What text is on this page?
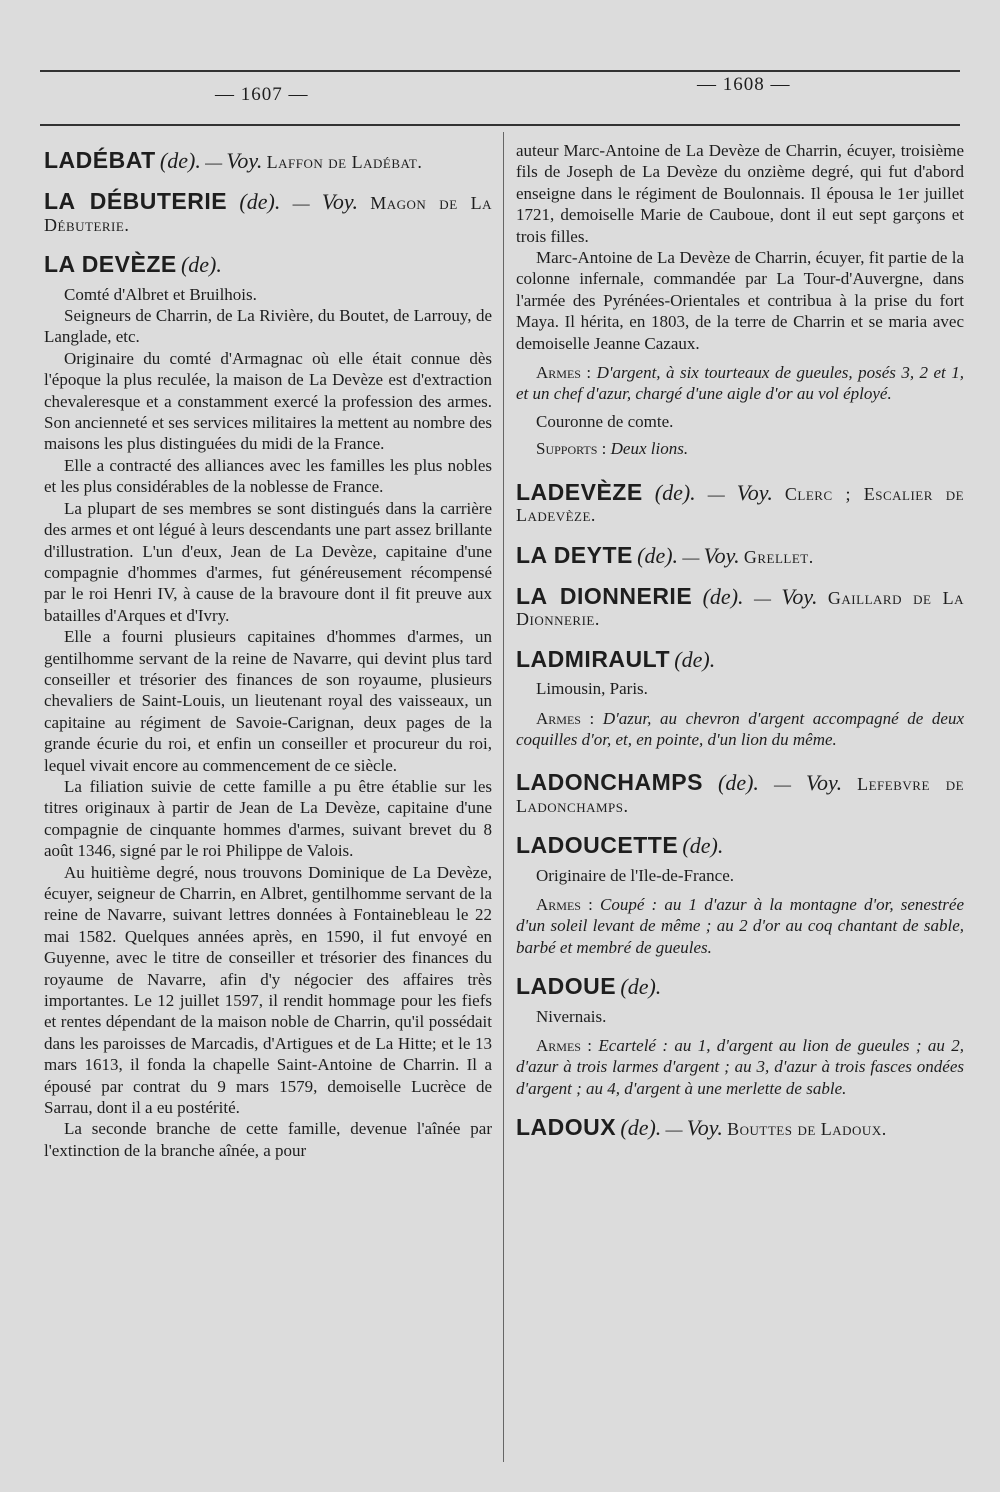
— 1607 —	— 1608 —
LADÉBAT (de). — Voy. Laffon de Ladébat.
LA DÉBUTERIE (de). — Voy. Magon de La Débuterie.
LA DEVÈZE (de).

Comté d'Albret et Bruilhois.

Seigneurs de Charrin, de La Rivière, du Boutet, de Larrouy, de Langlade, etc.

Originaire du comté d'Armagnac où elle était connue dès l'époque la plus reculée, la maison de La Devèze est d'extraction chevaleresque et a constamment exercé la profession des armes. Son ancienneté et ses services militaires la mettent au nombre des maisons les plus distinguées du midi de la France.

Elle a contracté des alliances avec les familles les plus nobles et les plus considérables de la noblesse de France.

La plupart de ses membres se sont distingués dans la carrière des armes et ont légué à leurs descendants une part assez brillante d'illustration. L'un d'eux, Jean de La Devèze, capitaine d'une compagnie d'hommes d'armes, fut généreusement récompensé par le roi Henri IV, à cause de la bravoure dont il fit preuve aux batailles d'Arques et d'Ivry.

Elle a fourni plusieurs capitaines d'hommes d'armes, un gentilhomme servant de la reine de Navarre, qui devint plus tard conseiller et trésorier des finances de son royaume, plusieurs chevaliers de Saint-Louis, un lieutenant royal des vaisseaux, un capitaine au régiment de Savoie-Carignan, deux pages de la grande écurie du roi, et enfin un conseiller et procureur du roi, lequel vivait encore au commencement de ce siècle.

La filiation suivie de cette famille a pu être établie sur les titres originaux à partir de Jean de La Devèze, capitaine d'une compagnie de cinquante hommes d'armes, suivant brevet du 8 août 1346, signé par le roi Philippe de Valois.

Au huitième degré, nous trouvons Dominique de La Devèze, écuyer, seigneur de Charrin, en Albret, gentilhomme servant de la reine de Navarre, suivant lettres données à Fontainebleau le 22 mai 1582. Quelques années après, en 1590, il fut envoyé en Guyenne, avec le titre de conseiller et trésorier des finances du royaume de Navarre, afin d'y négocier des affaires très importantes. Le 12 juillet 1597, il rendit hommage pour les fiefs et rentes dépendant de la maison noble de Charrin, qu'il possédait dans les paroisses de Marcadis, d'Artigues et de La Hitte; et le 13 mars 1613, il fonda la chapelle Saint-Antoine de Charrin. Il a épousé par contrat du 9 mars 1579, demoiselle Lucrèce de Sarrau, dont il a eu postérité.

La seconde branche de cette famille, devenue l'aînée par l'extinction de la branche aînée, a pour

auteur Marc-Antoine de La Devèze de Charrin, écuyer, troisième fils de Joseph de La Devèze du onzième degré, qui fut d'abord enseigne dans le régiment de Boulonnais. Il épousa le 1er juillet 1721, demoiselle Marie de Cauboue, dont il eut sept garçons et trois filles.

Marc-Antoine de La Devèze de Charrin, écuyer, fit partie de la colonne infernale, commandée par La Tour-d'Auvergne, dans l'armée des Pyrénées-Orientales et contribua à la prise du fort Maya. Il hérita, en 1803, de la terre de Charrin et se maria avec demoiselle Jeanne Cazaux.

Armes : D'argent, à six tourteaux de gueules, posés 3, 2 et 1, et un chef d'azur, chargé d'une aigle d'or au vol éployé.

Couronne de comte.

Supports : Deux lions.

LADEVÈZE (de). — Voy. Clerc ; Escalier de Ladevèze.
LA DEYTE (de). — Voy. Grellet.
LA DIONNERIE (de). — Voy. Gaillard de La Dionnerie.
LADMIRAULT (de).

Limousin, Paris.

Armes : D'azur, au chevron d'argent accompagné de deux coquilles d'or, et, en pointe, d'un lion du même.

LADONCHAMPS (de). — Voy. Lefebvre de Ladonchamps.
LADOUCETTE (de).

Originaire de l'Ile-de-France.

Armes : Coupé : au 1 d'azur à la montagne d'or, senestrée d'un soleil levant de même ; au 2 d'or au coq chantant de sable, barbé et membré de gueules.

LADOUE (de).

Nivernais.

Armes : Ecartelé : au 1, d'argent au lion de gueules ; au 2, d'azur à trois larmes d'argent ; au 3, d'azur à trois fasces ondées d'argent ; au 4, d'argent à une merlette de sable.

LADOUX (de). — Voy. Bouttes de Ladoux.
